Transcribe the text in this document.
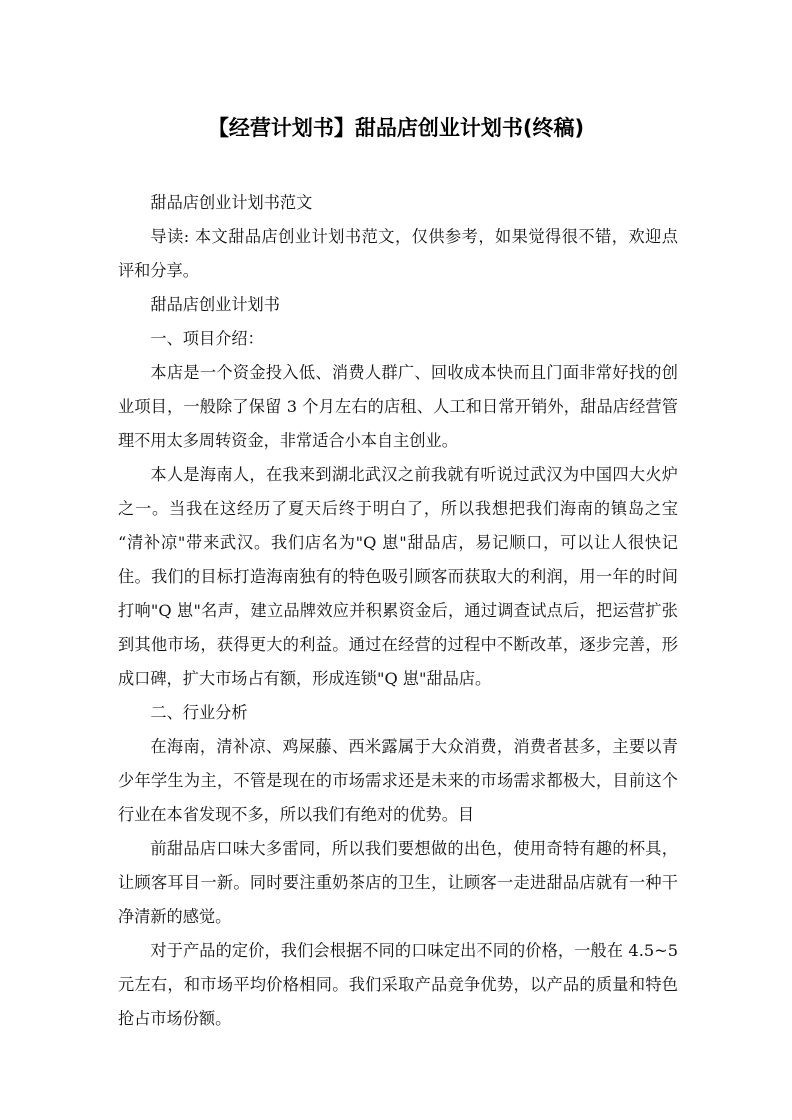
【经营计划书】甜品店创业计划书(终稿)

甜品店创业计划书范文

导读: 本文甜品店创业计划书范文，仅供参考，如果觉得很不错，欢迎点评和分享。

甜品店创业计划书

一、项目介绍：

本店是一个资金投入低、消费人群广、回收成本快而且门面非常好找的创业项目，一般除了保留 3 个月左右的店租、人工和日常开销外，甜品店经营管理不用太多周转资金，非常适合小本自主创业。

本人是海南人，在我来到湖北武汉之前我就有听说过武汉为中国四大火炉之一。当我在这经历了夏天后终于明白了，所以我想把我们海南的镇岛之宝 “清补凉"带来武汉。我们店名为"Q 崽"甜品店，易记顺口，可以让人很快记住。我们的目标打造海南独有的特色吸引顾客而获取大的利润，用一年的时间打响"Q 崽"名声，建立品牌效应并积累资金后，通过调查试点后，把运营扩张到其他市场，获得更大的利益。通过在经营的过程中不断改革，逐步完善，形成口碑，扩大市场占有额，形成连锁"Q 崽"甜品店。

二、行业分析

在海南，清补凉、鸡屎藤、西米露属于大众消费，消费者甚多，主要以青少年学生为主，不管是现在的市场需求还是未来的市场需求都极大，目前这个行业在本省发现不多，所以我们有绝对的优势。目

前甜品店口味大多雷同，所以我们要想做的出色，使用奇特有趣的杯具，让顾客耳目一新。同时要注重奶茶店的卫生，让顾客一走进甜品店就有一种干净清新的感觉。

对于产品的定价，我们会根据不同的口味定出不同的价格，一般在 4.5~5 元左右，和市场平均价格相同。我们采取产品竞争优势，以产品的质量和特色抢占市场份额。
